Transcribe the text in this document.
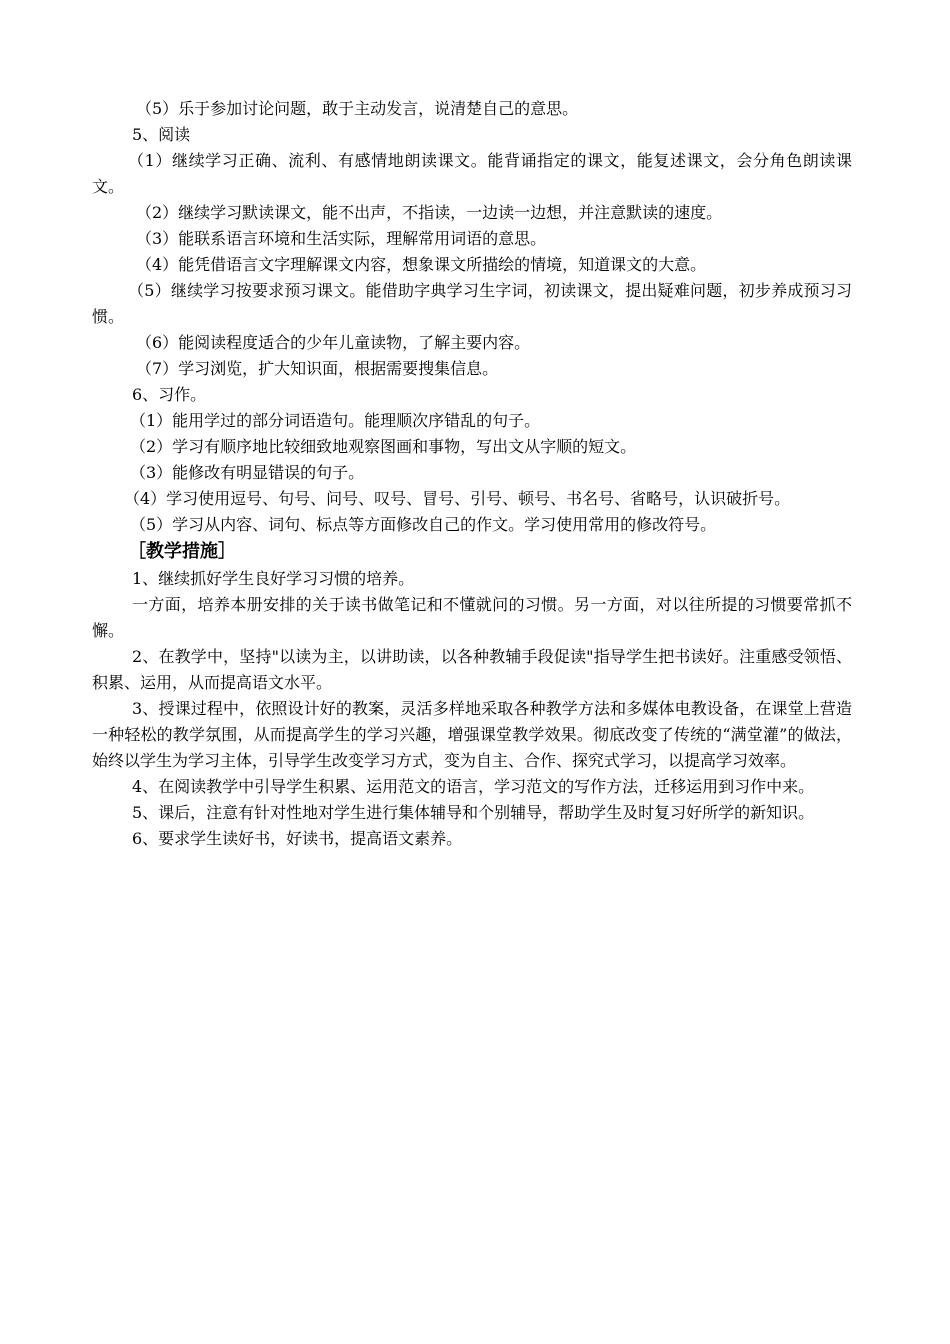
（5）乐于参加讨论问题，敢于主动发言，说清楚自己的意思。

5、阅读

（1）继续学习正确、流利、有感情地朗读课文。能背诵指定的课文，能复述课文，会分角色朗读课文。

（2）继续学习默读课文，能不出声，不指读，一边读一边想，并注意默读的速度。

（3）能联系语言环境和生活实际，理解常用词语的意思。

（4）能凭借语言文字理解课文内容，想象课文所描绘的情境，知道课文的大意。

（5）继续学习按要求预习课文。能借助字典学习生字词，初读课文，提出疑难问题，初步养成预习习惯。

（6）能阅读程度适合的少年儿童读物，了解主要内容。

（7）学习浏览，扩大知识面，根据需要搜集信息。

6、习作。

（1）能用学过的部分词语造句。能理顺次序错乱的句子。

（2）学习有顺序地比较细致地观察图画和事物，写出文从字顺的短文。

（3）能修改有明显错误的句子。

（4）学习使用逗号、句号、问号、叹号、冒号、引号、顿号、书名号、省略号，认识破折号。

（5）学习从内容、词句、标点等方面修改自己的作文。学习使用常用的修改符号。

［教学措施］

1、继续抓好学生良好学习习惯的培养。

一方面，培养本册安排的关于读书做笔记和不懂就问的习惯。另一方面，对以往所提的习惯要常抓不懈。

2、在教学中，坚持"以读为主，以讲助读，以各种教辅手段促读"指导学生把书读好。注重感受领悟、积累、运用，从而提高语文水平。

3、授课过程中，依照设计好的教案，灵活多样地采取各种教学方法和多媒体电教设备，在课堂上营造一种轻松的教学氛围，从而提高学生的学习兴趣，增强课堂教学效果。彻底改变了传统的“满堂灌”的做法，始终以学生为学习主体，引导学生改变学习方式，变为自主、合作、探究式学习，以提高学习效率。

4、在阅读教学中引导学生积累、运用范文的语言，学习范文的写作方法，迁移运用到习作中来。

5、课后，注意有针对性地对学生进行集体辅导和个别辅导，帮助学生及时复习好所学的新知识。

6、要求学生读好书，好读书，提高语文素养。
